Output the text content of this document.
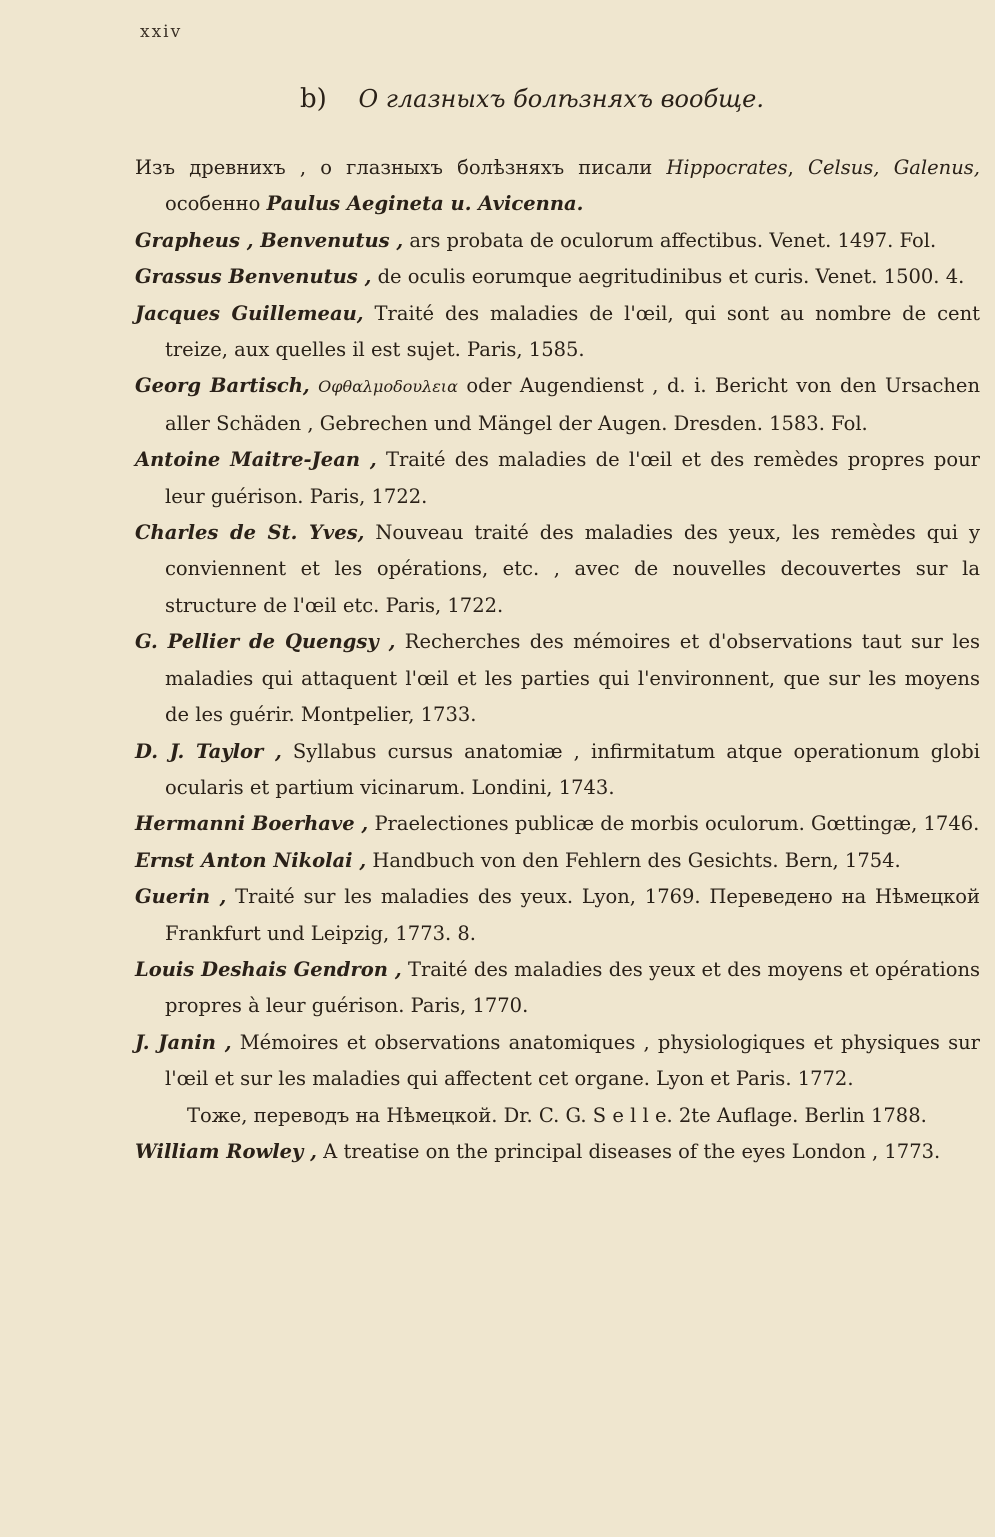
xxiv
b) О глазныхъ болѣзняхъ вообще.

Изъ древнихъ , о глазныхъ болѣзняхъ писали Hippocrates, Celsus, Galenus, особенно Paulus Aegineta u. Avicenna.

Grapheus , Benvenutus , ars probata de oculorum affectibus. Venet. 1497. Fol.

Grassus Benvenutus , de oculis eorumque aegritudinibus et curis. Venet. 1500. 4.

Jacques Guillemeau, Traité des maladies de l'œil, qui sont au nombre de cent treize, aux quelles il est sujet. Paris, 1585.

Georg Bartisch, Οφθαλμοδουλεια oder Augendienst , d. i. Bericht von den Ursachen aller Schäden , Gebrechen und Mängel der Augen. Dresden. 1583. Fol.

Antoine Maitre-Jean , Traité des maladies de l'œil et des remèdes propres pour leur guérison. Paris, 1722.

Charles de St. Yves, Nouveau traité des maladies des yeux, les remèdes qui y conviennent et les opérations, etc. , avec de nouvelles decouvertes sur la structure de l'œil etc. Paris, 1722.

G. Pellier de Quengsy , Recherches des mémoires et d'observations taut sur les maladies qui attaquent l'œil et les parties qui l'environnent, que sur les moyens de les guérir. Montpelier, 1733.

D. J. Taylor , Syllabus cursus anatomiæ , infirmitatum atque operationum globi ocularis et partium vicinarum. Londini, 1743.

Hermanni Boerhave , Praelectiones publicæ de morbis oculorum. Gœttingæ, 1746.

Ernst Anton Nikolai , Handbuch von den Fehlern des Gesichts. Bern, 1754.

Guerin , Traité sur les maladies des yeux. Lyon, 1769. Переведено на Нѣмецкой Frankfurt und Leipzig, 1773. 8.

Louis Deshais Gendron , Traité des maladies des yeux et des moyens et opérations propres à leur guérison. Paris, 1770.

J. Janin , Mémoires et observations anatomiques , physiologiques et physiques sur l'œil et sur les maladies qui affectent cet organe. Lyon et Paris. 1772.

Тоже, переводъ на Нѣмецкой. Dr. C. G. S e l l e. 2te Auflage. Berlin 1788.

William Rowley , A treatise on the principal diseases of the eyes London , 1773.
